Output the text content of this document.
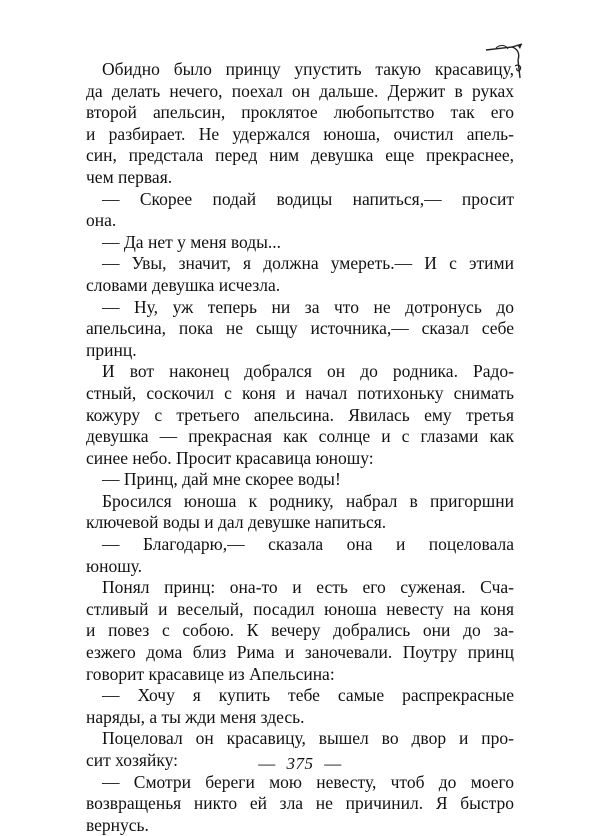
Обидно было принцу упустить такую красавицу,
да делать нечего, поехал он дальше. Держит в руках
второй апельсин, проклятое любопытство так его
и разбирает. Не удержался юноша, очистил апель-
син, предстала перед ним девушка еще прекраснее,
чем первая.
— Скорее подай водицы напиться,— просит
она.
— Да нет у меня воды...
— Увы, значит, я должна умереть.— И с этими
словами девушка исчезла.
— Ну, уж теперь ни за что не дотронусь до
апельсина, пока не сыщу источника,— сказал себе
принц.
И вот наконец добрался он до родника. Радо-
стный, соскочил с коня и начал потихоньку снимать
кожуру с третьего апельсина. Явилась ему третья
девушка — прекрасная как солнце и с глазами как
синее небо. Просит красавица юношу:
— Принц, дай мне скорее воды!
Бросился юноша к роднику, набрал в пригоршни
ключевой воды и дал девушке напиться.
— Благодарю,— сказала она и поцеловала
юношу.
Понял принц: она-то и есть его суженая. Сча-
стливый и веселый, посадил юноша невесту на коня
и повез с собою. К вечеру добрались они до за-
езжего дома близ Рима и заночевали. Поутру принц
говорит красавице из Апельсина:
— Хочу я купить тебе самые распрекрасные
наряды, а ты жди меня здесь.
Поцеловал он красавицу, вышел во двор и про-
сит хозяйку:
— Смотри береги мою невесту, чтоб до моего
возвращенья никто ей зла не причинил. Я быстро
вернусь.
— 375 —
